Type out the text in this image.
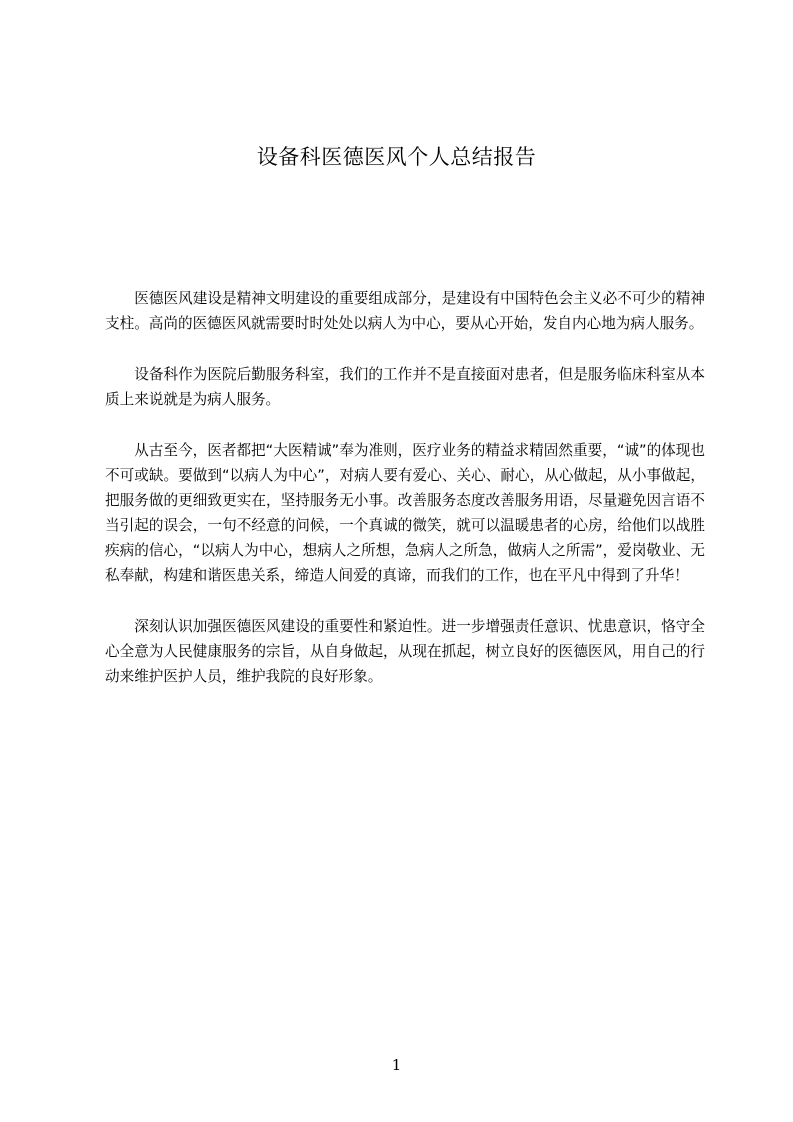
设备科医德医风个人总结报告

医德医风建设是精神文明建设的重要组成部分，是建设有中国特色会主义必不可少的精神支柱。高尚的医德医风就需要时时处处以病人为中心，要从心开始，发自内心地为病人服务。

设备科作为医院后勤服务科室，我们的工作并不是直接面对患者，但是服务临床科室从本质上来说就是为病人服务。

从古至今，医者都把“大医精诚”奉为准则，医疗业务的精益求精固然重要，“诚”的体现也不可或缺。要做到“以病人为中心”，对病人要有爱心、关心、耐心，从心做起，从小事做起，把服务做的更细致更实在，坚持服务无小事。改善服务态度改善服务用语，尽量避免因言语不当引起的误会，一句不经意的问候，一个真诚的微笑，就可以温暖患者的心房，给他们以战胜疾病的信心，“以病人为中心，想病人之所想，急病人之所急，做病人之所需”，爱岗敬业、无私奉献，构建和谐医患关系，缔造人间爱的真谛，而我们的工作，也在平凡中得到了升华！

深刻认识加强医德医风建设的重要性和紧迫性。进一步增强责任意识、忧患意识，恪守全心全意为人民健康服务的宗旨，从自身做起，从现在抓起，树立良好的医德医风，用自己的行动来维护医护人员，维护我院的良好形象。

1
